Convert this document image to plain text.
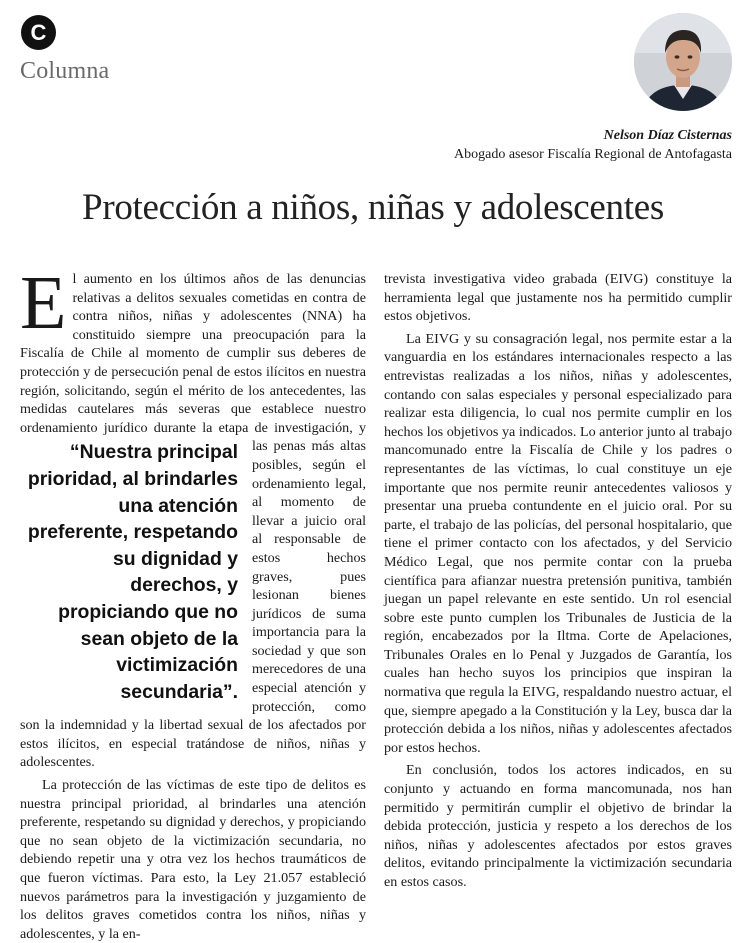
C
Columna
Nelson Díaz Cisternas
Abogado asesor Fiscalía Regional de Antofagasta
Protección a niños, niñas y adolescentes

El aumento en los últimos años de las denuncias relativas a delitos sexuales cometidas en contra de contra niños, niñas y adolescentes (NNA) ha constituido siempre una preocupación para la Fiscalía de Chile al momento de cumplir sus deberes de protección y de persecución penal de estos ilícitos en nuestra región, solicitando, según el mérito de los antecedentes, las medidas cautelares más severas que establece nuestro ordenamiento jurídico durante la etapa de investigación,
“Nuestra principal prioridad, al brindarles una atención preferente, respetando su dignidad y derechos, y propiciando que no sean objeto de la victimización secundaria”.
y las penas más altas posibles, según el ordenamiento legal, al momento de llevar a juicio oral al responsable de estos hechos graves, pues lesionan bienes jurídicos de suma importancia para la sociedad y que son merecedores de una especial atención y protección, como son la indemnidad y la libertad sexual de los afectados por estos ilícitos, en especial tratándose de niños, niñas y adolescentes.

La protección de las víctimas de este tipo de delitos es nuestra principal prioridad, al brindarles una atención preferente, respetando su dignidad y derechos, y propiciando que no sean objeto de la victimización secundaria, no debiendo repetir una y otra vez los hechos traumáticos de que fueron víctimas. Para esto, la Ley 21.057 estableció nuevos parámetros para la investigación y juzgamiento de los delitos graves cometidos contra los niños, niñas y adolescentes, y la en-

trevista investigativa video grabada (EIVG) constituye la herramienta legal que justamente nos ha permitido cumplir estos objetivos.

La EIVG y su consagración legal, nos permite estar a la vanguardia en los estándares internacionales respecto a las entrevistas realizadas a los niños, niñas y adolescentes, contando con salas especiales y personal especializado para realizar esta diligencia, lo cual nos permite cumplir en los hechos los objetivos ya indicados. Lo anterior junto al trabajo mancomunado entre la Fiscalía de Chile y los padres o representantes de las víctimas, lo cual constituye un eje importante que nos permite reunir antecedentes valiosos y presentar una prueba contundente en el juicio oral. Por su parte, el trabajo de las policías, del personal hospitalario, que tiene el primer contacto con los afectados, y del Servicio Médico Legal, que nos permite contar con la prueba científica para afianzar nuestra pretensión punitiva, también juegan un papel relevante en este sentido. Un rol esencial sobre este punto cumplen los Tribunales de Justicia de la región, encabezados por la Iltma. Corte de Apelaciones, Tribunales Orales en lo Penal y Juzgados de Garantía, los cuales han hecho suyos los principios que inspiran la normativa que regula la EIVG, respaldando nuestro actuar, el que, siempre apegado a la Constitución y la Ley, busca dar la protección debida a los niños, niñas y adolescentes afectados por estos hechos.

En conclusión, todos los actores indicados, en su conjunto y actuando en forma mancomunada, nos han permitido y permitirán cumplir el objetivo de brindar la debida protección, justicia y respeto a los derechos de los niños, niñas y adolescentes afectados por estos graves delitos, evitando principalmente la victimización secundaria en estos casos.
